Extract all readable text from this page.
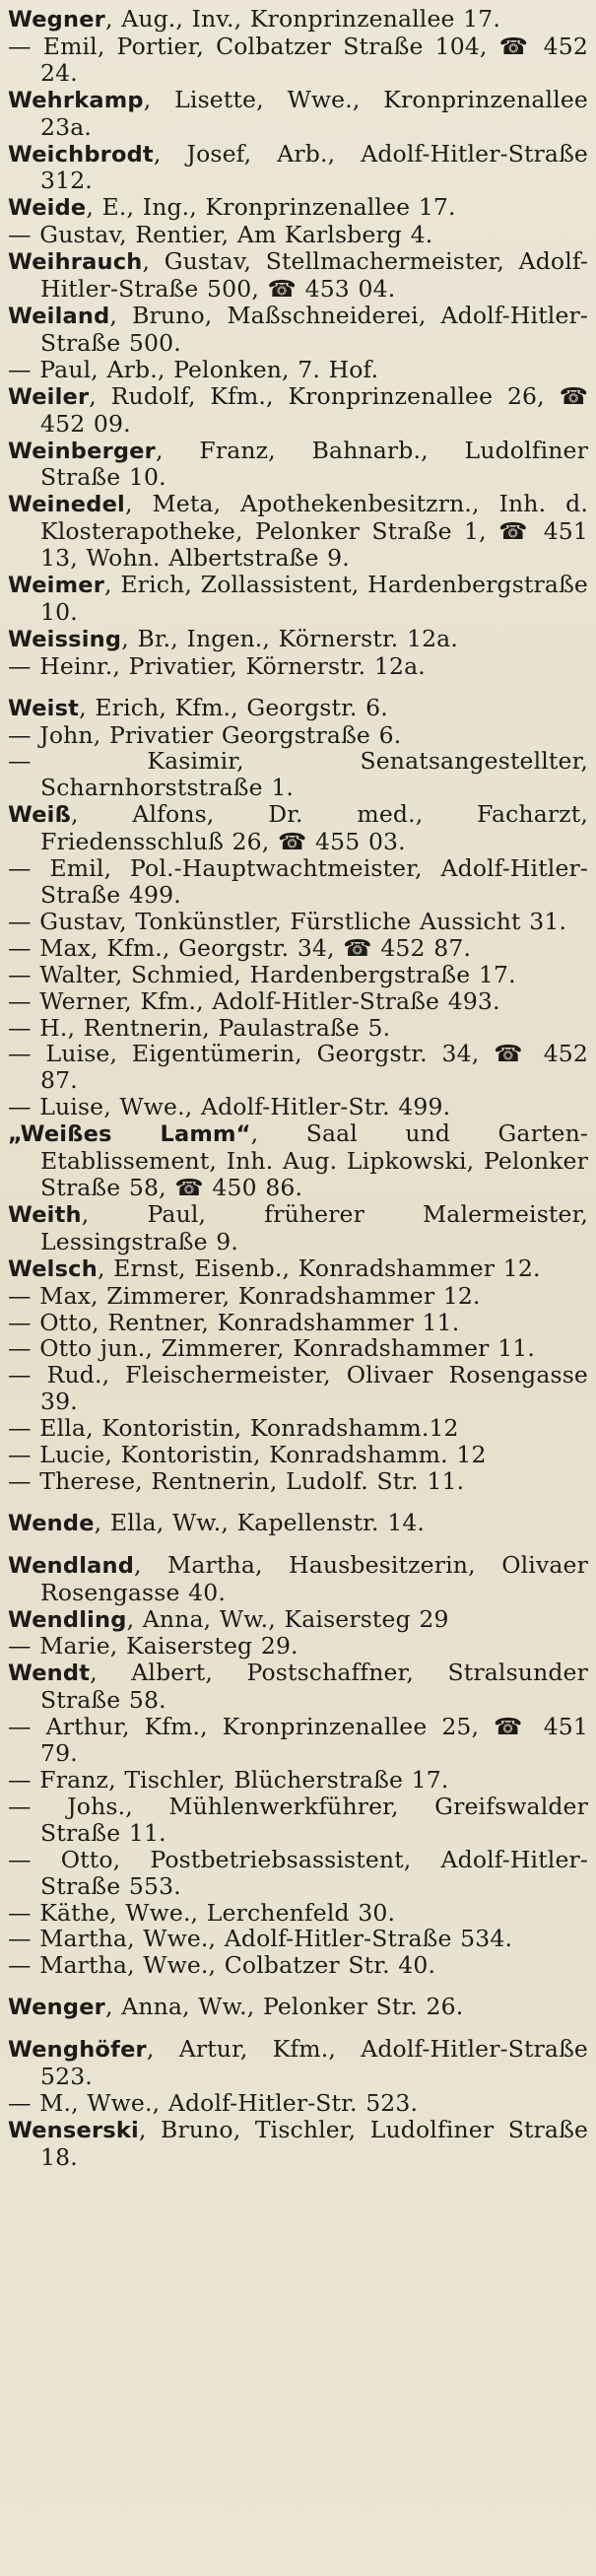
Wegner, Aug., Inv., Kronprinzenallee 17.
— Emil, Portier, Colbatzer Straße 104, ☎ 452 24.
Wehrkamp, Lisette, Wwe., Kronprinzenallee 23a.
Weichbrodt, Josef, Arb., Adolf-Hitler-Straße 312.
Weide, E., Ing., Kronprinzenallee 17.
— Gustav, Rentier, Am Karlsberg 4.
Weihrauch, Gustav, Stellmachermeister, Adolf-Hitler-Straße 500, ☎ 453 04.
Weiland, Bruno, Maßschneiderei, Adolf-Hitler-Straße 500.
— Paul, Arb., Pelonken, 7. Hof.
Weiler, Rudolf, Kfm., Kronprinzenallee 26, ☎ 452 09.
Weinberger, Franz, Bahnarb., Ludolfiner Straße 10.
Weinedel, Meta, Apothekenbesitzrn., Inh. d. Klosterapotheke, Pelonker Straße 1, ☎ 451 13, Wohn. Albertstraße 9.
Weimer, Erich, Zollassistent, Hardenbergstraße 10.
Weissing, Br., Ingen., Körnerstr. 12a.
— Heinr., Privatier, Körnerstr. 12a.
Weist, Erich, Kfm., Georgstr. 6.
— John, Privatier Georgstraße 6.
— Kasimir, Senatsangestellter, Scharnhorststraße 1.
Weiß, Alfons, Dr. med., Facharzt, Friedensschluß 26, ☎ 455 03.
— Emil, Pol.-Hauptwachtmeister, Adolf-Hitler-Straße 499.
— Gustav, Tonkünstler, Fürstliche Aussicht 31.
— Max, Kfm., Georgstr. 34, ☎ 452 87.
— Walter, Schmied, Hardenbergstraße 17.
— Werner, Kfm., Adolf-Hitler-Straße 493.
— H., Rentnerin, Paulastraße 5.
— Luise, Eigentümerin, Georgstr. 34, ☎ 452 87.
— Luise, Wwe., Adolf-Hitler-Str. 499.
„Weißes Lamm“, Saal und Garten-Etablissement, Inh. Aug. Lipkowski, Pelonker Straße 58, ☎ 450 86.
Weith, Paul, früherer Malermeister, Lessingstraße 9.
Welsch, Ernst, Eisenb., Konradshammer 12.
— Max, Zimmerer, Konradshammer 12.
— Otto, Rentner, Konradshammer 11.
— Otto jun., Zimmerer, Konradshammer 11.
— Rud., Fleischermeister, Olivaer Rosengasse 39.
— Ella, Kontoristin, Konradshamm.12
— Lucie, Kontoristin, Konradshamm. 12
— Therese, Rentnerin, Ludolf. Str. 11.
Wende, Ella, Ww., Kapellenstr. 14.
Wendland, Martha, Hausbesitzerin, Olivaer Rosengasse 40.
Wendling, Anna, Ww., Kaisersteg 29
— Marie, Kaisersteg 29.
Wendt, Albert, Postschaffner, Stralsunder Straße 58.
— Arthur, Kfm., Kronprinzenallee 25, ☎ 451 79.
— Franz, Tischler, Blücherstraße 17.
— Johs., Mühlenwerkführer, Greifswalder Straße 11.
— Otto, Postbetriebsassistent, Adolf-Hitler-Straße 553.
— Käthe, Wwe., Lerchenfeld 30.
— Martha, Wwe., Adolf-Hitler-Straße 534.
— Martha, Wwe., Colbatzer Str. 40.
Wenger, Anna, Ww., Pelonker Str. 26.
Wenghöfer, Artur, Kfm., Adolf-Hitler-Straße 523.
— M., Wwe., Adolf-Hitler-Str. 523.
Wenserski, Bruno, Tischler, Ludolfiner Straße 18.
